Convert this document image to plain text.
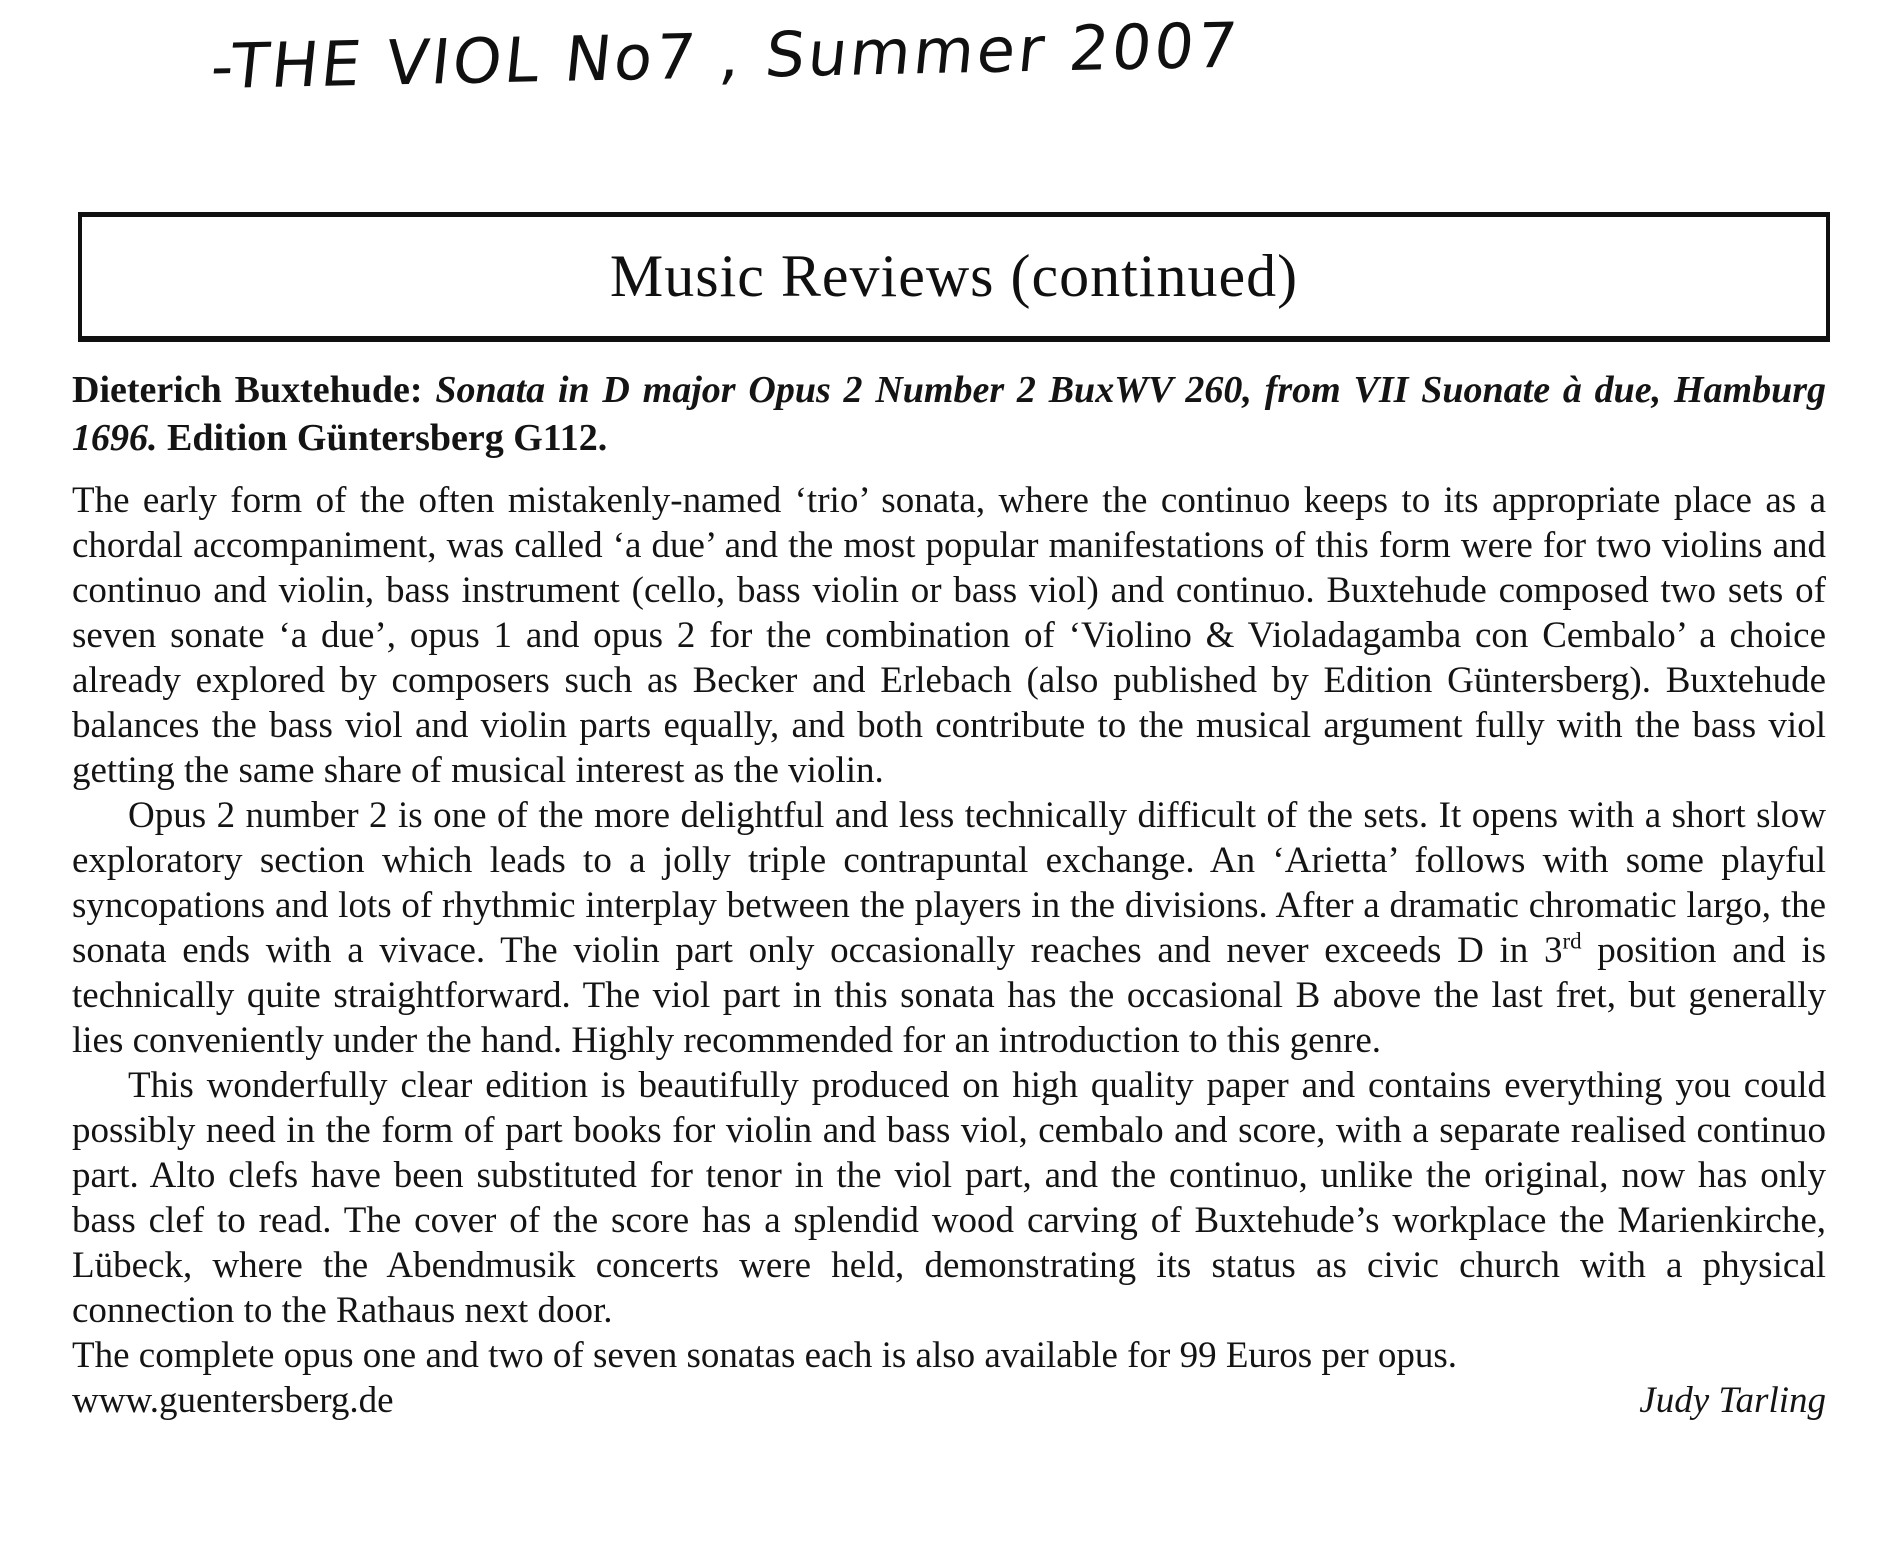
-THE VIOL No7 , Summer 2007
Music Reviews (continued)

Dieterich Buxtehude: Sonata in D major Opus 2 Number 2 BuxWV 260, from VII Suonate à due, Hamburg 1696. Edition Güntersberg G112.

The early form of the often mistakenly-named ‘trio’ sonata, where the continuo keeps to its appropriate place as a chordal accompaniment, was called ‘a due’ and the most popular manifestations of this form were for two violins and continuo and violin, bass instrument (cello, bass violin or bass viol) and continuo. Buxtehude composed two sets of seven sonate ‘a due’, opus 1 and opus 2 for the combination of ‘Violino & Violadagamba con Cembalo’ a choice already explored by composers such as Becker and Erlebach (also published by Edition Güntersberg). Buxtehude balances the bass viol and violin parts equally, and both contribute to the musical argument fully with the bass viol getting the same share of musical interest as the violin.

Opus 2 number 2 is one of the more delightful and less technically difficult of the sets. It opens with a short slow exploratory section which leads to a jolly triple contrapuntal exchange. An ‘Arietta’ follows with some playful syncopations and lots of rhythmic interplay between the players in the divisions. After a dramatic chromatic largo, the sonata ends with a vivace. The violin part only occasionally reaches and never exceeds D in 3rd position and is technically quite straightforward. The viol part in this sonata has the occasional B above the last fret, but generally lies conveniently under the hand. Highly recommended for an introduction to this genre.

This wonderfully clear edition is beautifully produced on high quality paper and contains everything you could possibly need in the form of part books for violin and bass viol, cembalo and score, with a separate realised continuo part. Alto clefs have been substituted for tenor in the viol part, and the continuo, unlike the original, now has only bass clef to read. The cover of the score has a splendid wood carving of Buxtehude’s workplace the Marienkirche, Lübeck, where the Abendmusik concerts were held, demonstrating its status as civic church with a physical connection to the Rathaus next door.

The complete opus one and two of seven sonatas each is also available for 99 Euros per opus.

www.guentersberg.de	Judy Tarling
